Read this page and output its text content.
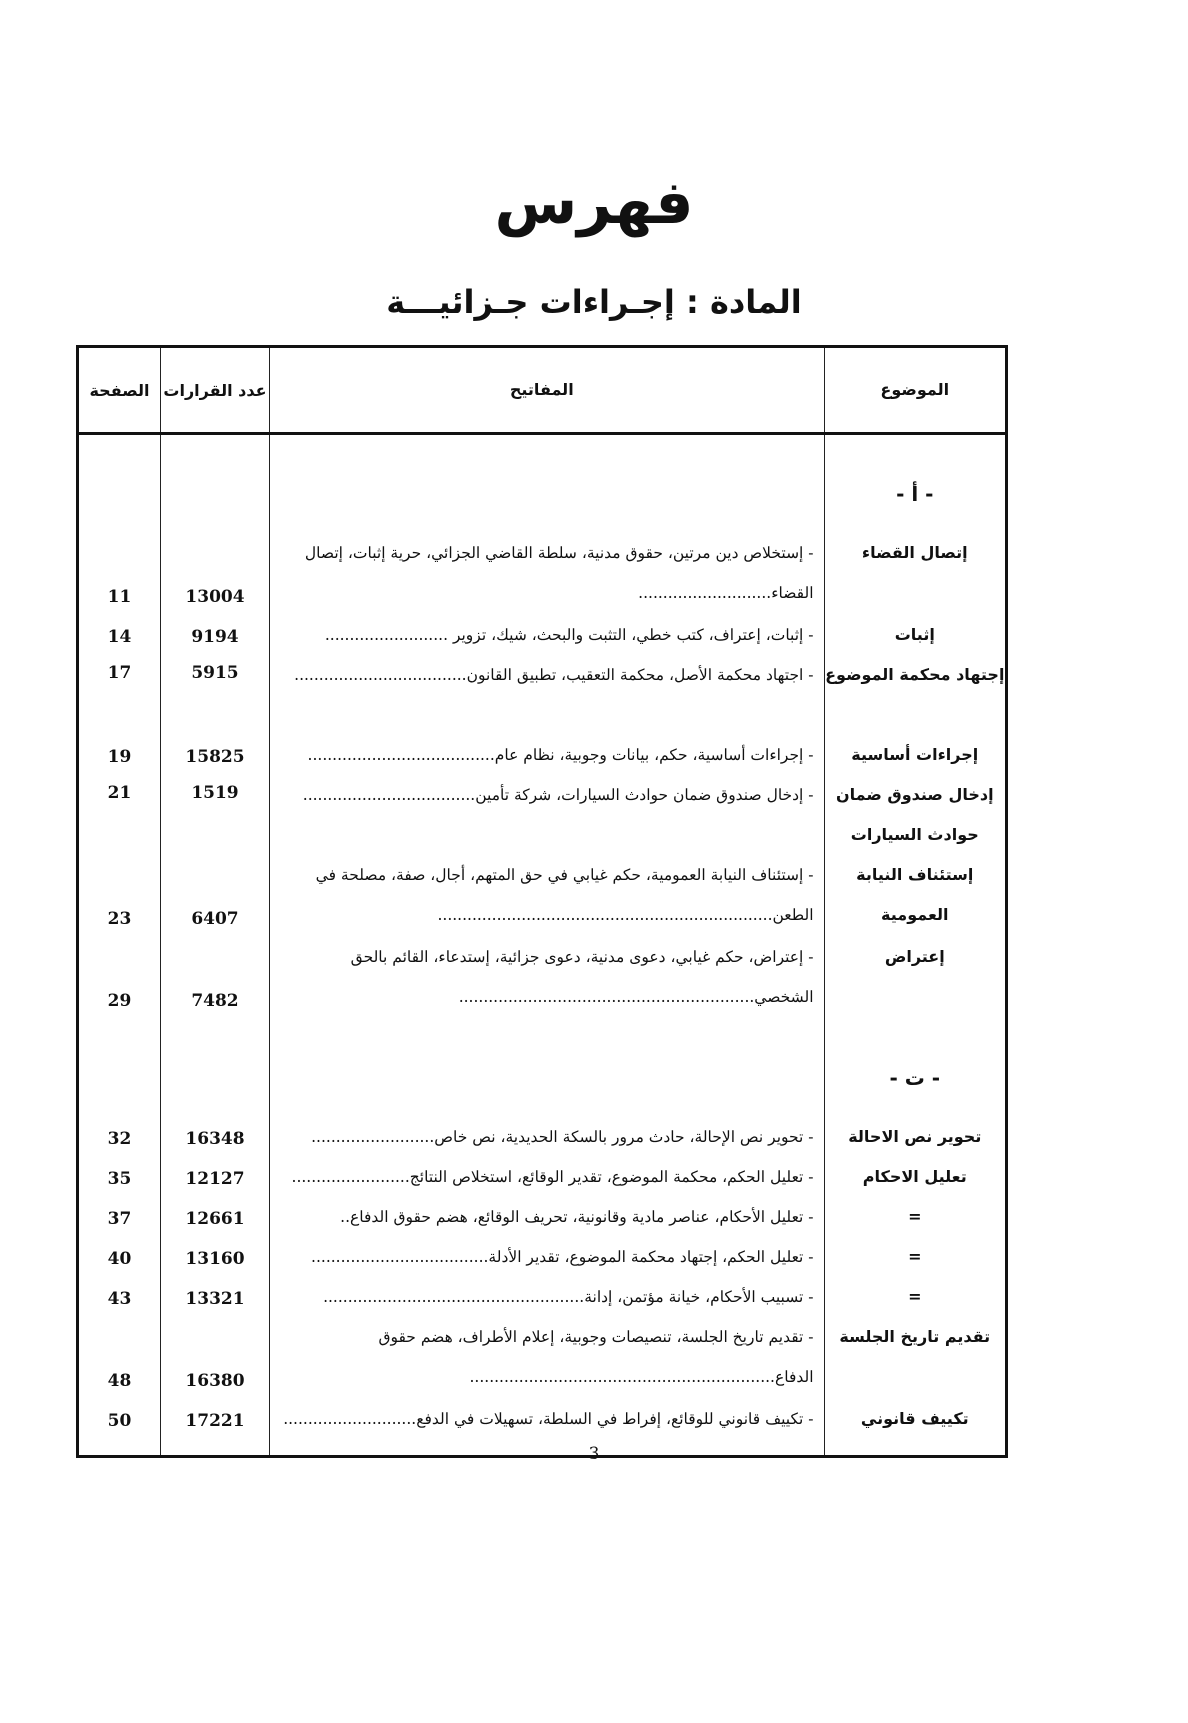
فهرس
المادة : إجـراءات جـزائيـــة
الموضوع	المفاتيح	عدد القرارات	الصفحة
- أ -			
إتصال القضاء	- إستخلاص دين مرتين، حقوق مدنية، سلطة القاضي الجزائي، حرية إثبات، إتصال القضاء...........................	13004	11
إثبات	- إثبات، إعتراف، كتب خطي، التثبت والبحث، شيك، تزوير .........................	9194	14
إجتهاد محكمة الموضوع	- اجتهاد محكمة الأصل، محكمة التعقيب، تطبيق القانون...................................	5915	17
إجراءات أساسية	- إجراءات أساسية، حكم، بيانات وجوبية، نظام عام......................................	15825	19
إدخال صندوق ضمان حوادث السيارات	- إدخال صندوق ضمان حوادث السيارات، شركة تأمين...................................	1519	21
إستئناف النيابة العمومية	- إستئناف النيابة العمومية، حكم غيابي في حق المتهم، أجال، صفة، مصلحة في الطعن....................................................................	6407	23
إعتراض	- إعتراض، حكم غيابي، دعوى مدنية، دعوى جزائية، إستدعاء، القائم بالحق الشخصي............................................................	7482	29
- ت -			
تحوير نص الاحالة	- تحوير نص الإحالة، حادث مرور بالسكة الحديدية، نص خاص.........................	16348	32
تعليل الاحكام	- تعليل الحكم، محكمة الموضوع، تقدير الوقائع، استخلاص النتائج........................	12127	35
=	- تعليل الأحكام، عناصر مادية وقانونية، تحريف الوقائع، هضم حقوق الدفاع..	12661	37
=	- تعليل الحكم، إجتهاد محكمة الموضوع، تقدير الأدلة....................................	13160	40
=	- تسبيب الأحكام، خيانة مؤتمن، إدانة.....................................................	13321	43
تقديم تاريخ الجلسة	- تقديم تاريخ الجلسة، تنصيصات وجوبية، إعلام الأطراف، هضم حقوق الدفاع..............................................................	16380	48
تكييف قانوني	- تكييف قانوني للوقائع، إفراط في السلطة، تسهيلات في الدفع...........................	17221	50

3
